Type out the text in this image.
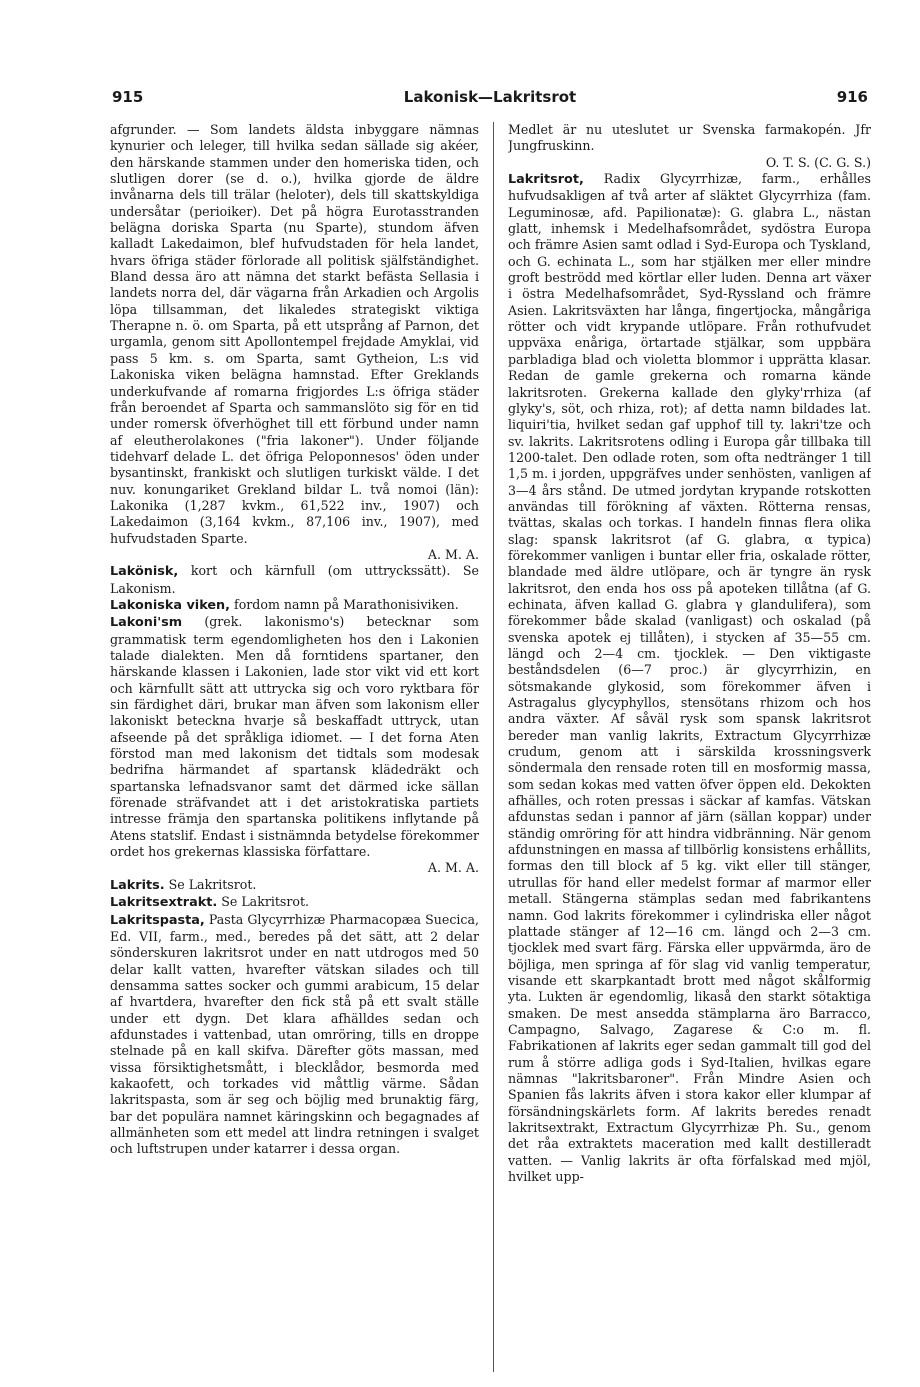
915	Lakonisk—Lakritsrot	916

afgrunder. — Som landets äldsta inbyggare nämnas kynurier och leleger, till hvilka sedan sällade sig akéer, den härskande stammen under den homeriska tiden, och slutligen dorer (se d. o.), hvilka gjorde de äldre invånarna dels till trälar (heloter), dels till skattskyldiga undersåtar (perioiker). Det på högra Eurotasstranden belägna doriska Sparta (nu Sparte), stundom äfven kalladt Lakedaimon, blef hufvudstaden för hela landet, hvars öfriga städer förlorade all politisk själfständighet. Bland dessa äro att nämna det starkt befästa Sellasia i landets norra del, där vägarna från Arkadien och Argolis löpa tillsamman, det likaledes strategiskt viktiga Therapne n. ö. om Sparta, på ett utsprång af Parnon, det urgamla, genom sitt Apollontempel frejdade Amyklai, vid pass 5 km. s. om Sparta, samt Gytheion, L:s vid Lakoniska viken belägna hamnstad. Efter Greklands underkufvande af romarna frigjordes L:s öfriga städer från beroendet af Sparta och sammanslöto sig för en tid under romersk öfverhöghet till ett förbund under namn af eleutherolakones ("fria lakoner"). Under följande tidehvarf delade L. det öfriga Peloponnesos' öden under bysantinskt, frankiskt och slutligen turkiskt välde. I det nuv. konungariket Grekland bildar L. två nomoi (län): Lakonika (1,287 kvkm., 61,522 inv., 1907) och Lakedaimon (3,164 kvkm., 87,106 inv., 1907), med hufvudstaden Sparte.
A. M. A.

Lakönisk, kort och kärnfull (om uttryckssätt). Se Lakonism.

Lakoniska viken, fordom namn på Marathonisiviken.

Lakoni'sm (grek. lakonismo's) betecknar som grammatisk term egendomligheten hos den i Lakonien talade dialekten. Men då forntidens spartaner, den härskande klassen i Lakonien, lade stor vikt vid ett kort och kärnfullt sätt att uttrycka sig och voro ryktbara för sin färdighet däri, brukar man äfven som lakonism eller lakoniskt beteckna hvarje så beskaffadt uttryck, utan afseende på det språkliga idiomet. — I det forna Aten förstod man med lakonism det tidtals som modesak bedrifna härmandet af spartansk klädedräkt och spartanska lefnadsvanor samt det därmed icke sällan förenade sträfvandet att i det aristokratiska partiets intresse främja den spartanska politikens inflytande på Atens statslif. Endast i sistnämnda betydelse förekommer ordet hos grekernas klassiska författare.
A. M. A.

Lakrits. Se Lakritsrot.

Lakritsextrakt. Se Lakritsrot.

Lakritspasta, Pasta Glycyrrhizæ Pharmacopæa Suecica, Ed. VII, farm., med., beredes på det sätt, att 2 delar sönderskuren lakritsrot under en natt utdrogos med 50 delar kallt vatten, hvarefter vätskan silades och till densamma sattes socker och gummi arabicum, 15 delar af hvartdera, hvarefter den fick stå på ett svalt ställe under ett dygn. Det klara afhälldes sedan och afdunstades i vattenbad, utan omröring, tills en droppe stelnade på en kall skifva. Därefter göts massan, med vissa försiktighetsmått, i blecklådor, besmorda med kakaofett, och torkades vid måttlig värme. Sådan lakritspasta, som är seg och böjlig med brunaktig färg, bar det populära namnet käringskinn och begagnades af allmänheten som ett medel att lindra retningen i svalget och luftstrupen under katarrer i dessa organ.

Medlet är nu uteslutet ur Svenska farmakopén. Jfr Jungfruskinn.
O. T. S. (C. G. S.)

Lakritsrot, Radix Glycyrrhizæ, farm., erhålles hufvudsakligen af två arter af släktet Glycyrrhiza (fam. Leguminosæ, afd. Papilionatæ): G. glabra L., nästan glatt, inhemsk i Medelhafsområdet, sydöstra Europa och främre Asien samt odlad i Syd-Europa och Tyskland, och G. echinata L., som har stjälken mer eller mindre groft beströdd med körtlar eller luden. Denna art växer i östra Medelhafsområdet, Syd-Ryssland och främre Asien. Lakritsväxten har långa, fingertjocka, mångåriga rötter och vidt krypande utlöpare. Från rothufvudet uppväxa enåriga, örtartade stjälkar, som uppbära parbladiga blad och violetta blommor i upprätta klasar. Redan de gamle grekerna och romarna kände lakritsroten. Grekerna kallade den glyky'rrhiza (af glyky's, söt, och rhiza, rot); af detta namn bildades lat. liquiri'tia, hvilket sedan gaf upphof till ty. lakri'tze och sv. lakrits. Lakritsrotens odling i Europa går tillbaka till 1200-talet. Den odlade roten, som ofta nedtränger 1 till 1,5 m. i jorden, uppgräfves under senhösten, vanligen af 3—4 års stånd. De utmed jordytan krypande rotskotten användas till förökning af växten. Rötterna rensas, tvättas, skalas och torkas. I handeln finnas flera olika slag: spansk lakritsrot (af G. glabra, α typica) förekommer vanligen i buntar eller fria, oskalade rötter, blandade med äldre utlöpare, och är tyngre än rysk lakritsrot, den enda hos oss på apoteken tillåtna (af G. echinata, äfven kallad G. glabra γ glandulifera), som förekommer både skalad (vanligast) och oskalad (på svenska apotek ej tillåten), i stycken af 35—55 cm. längd och 2—4 cm. tjocklek. — Den viktigaste beståndsdelen (6—7 proc.) är glycyrrhizin, en sötsmakande glykosid, som förekommer äfven i Astragalus glycyphyllos, stensötans rhizom och hos andra växter. Af såväl rysk som spansk lakritsrot bereder man vanlig lakrits, Extractum Glycyrrhizæ crudum, genom att i särskilda krossningsverk söndermala den rensade roten till en mosformig massa, som sedan kokas med vatten öfver öppen eld. Dekokten afhälles, och roten pressas i säckar af kamfas. Vätskan afdunstas sedan i pannor af järn (sällan koppar) under ständig omröring för att hindra vidbränning. När genom afdunstningen en massa af tillbörlig konsistens erhållits, formas den till block af 5 kg. vikt eller till stänger, utrullas för hand eller medelst formar af marmor eller metall. Stängerna stämplas sedan med fabrikantens namn. God lakrits förekommer i cylindriska eller något plattade stänger af 12—16 cm. längd och 2—3 cm. tjocklek med svart färg. Färska eller uppvärmda, äro de böjliga, men springa af för slag vid vanlig temperatur, visande ett skarpkantadt brott med något skålformig yta. Lukten är egendomlig, likaså den starkt sötaktiga smaken. De mest ansedda stämplarna äro Barracco, Campagno, Salvago, Zagarese & C:o m. fl. Fabrikationen af lakrits eger sedan gammalt till god del rum å större adliga gods i Syd-Italien, hvilkas egare nämnas "lakritsbaroner". Från Mindre Asien och Spanien fås lakrits äfven i stora kakor eller klumpar af försändningskärlets form. Af lakrits beredes renadt lakritsextrakt, Extractum Glycyrrhizæ Ph. Su., genom det råa extraktets maceration med kallt destilleradt vatten. — Vanlig lakrits är ofta förfalskad med mjöl, hvilket upp-
